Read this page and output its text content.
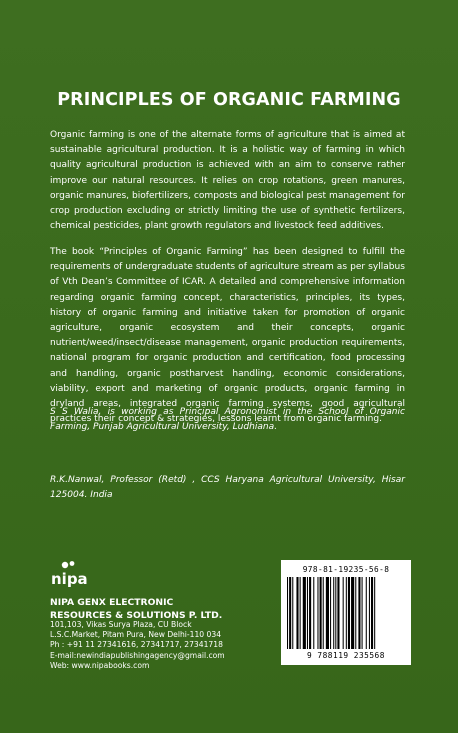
PRINCIPLES OF ORGANIC FARMING
Organic farming is one of the alternate forms of agriculture that is aimed at sustainable agricultural production. It is a holistic way of farming in which quality agricultural production is achieved with an aim to conserve rather improve our natural resources. It relies on crop rotations, green manures, organic manures, biofertilizers, composts and biological pest management for crop production excluding or strictly limiting the use of synthetic fertilizers, chemical pesticides, plant growth regulators and livestock feed additives.
The book “Principles of Organic Farming” has been designed to fulfill the requirements of undergraduate students of agriculture stream as per syllabus of Vth Dean’s Committee of ICAR. A detailed and comprehensive information regarding organic farming concept, characteristics, principles, its types, history of organic farming and initiative taken for promotion of organic agriculture, organic ecosystem and their concepts, organic nutrient/weed/insect/disease management, organic production requirements, national program for organic production and certification, food processing and handling, organic postharvest handling, economic considerations, viability, export and marketing of organic products, organic farming in dryland areas, integrated organic farming systems, good agricultural practices their concept & strategies, lessons learnt from organic farming.
S S Walia, is working as Principal Agronomist in the School of Organic Farming, Punjab Agricultural University, Ludhiana.
R.K.Nanwal, Professor (Retd) , CCS Haryana Agricultural University, Hisar 125004. India
nipa
NIPA GENX ELECTRONIC
RESOURCES & SOLUTIONS P. LTD.
101,103, Vikas Surya Plaza, CU Block
L.S.C.Market, Pitam Pura, New Delhi-110 034
Ph : +91 11 27341616, 27341717, 27341718
E-mail:newindiapublishingagency@gmail.com
Web: www.nipabooks.com
978-81-19235-56-8
9 788119 235568
